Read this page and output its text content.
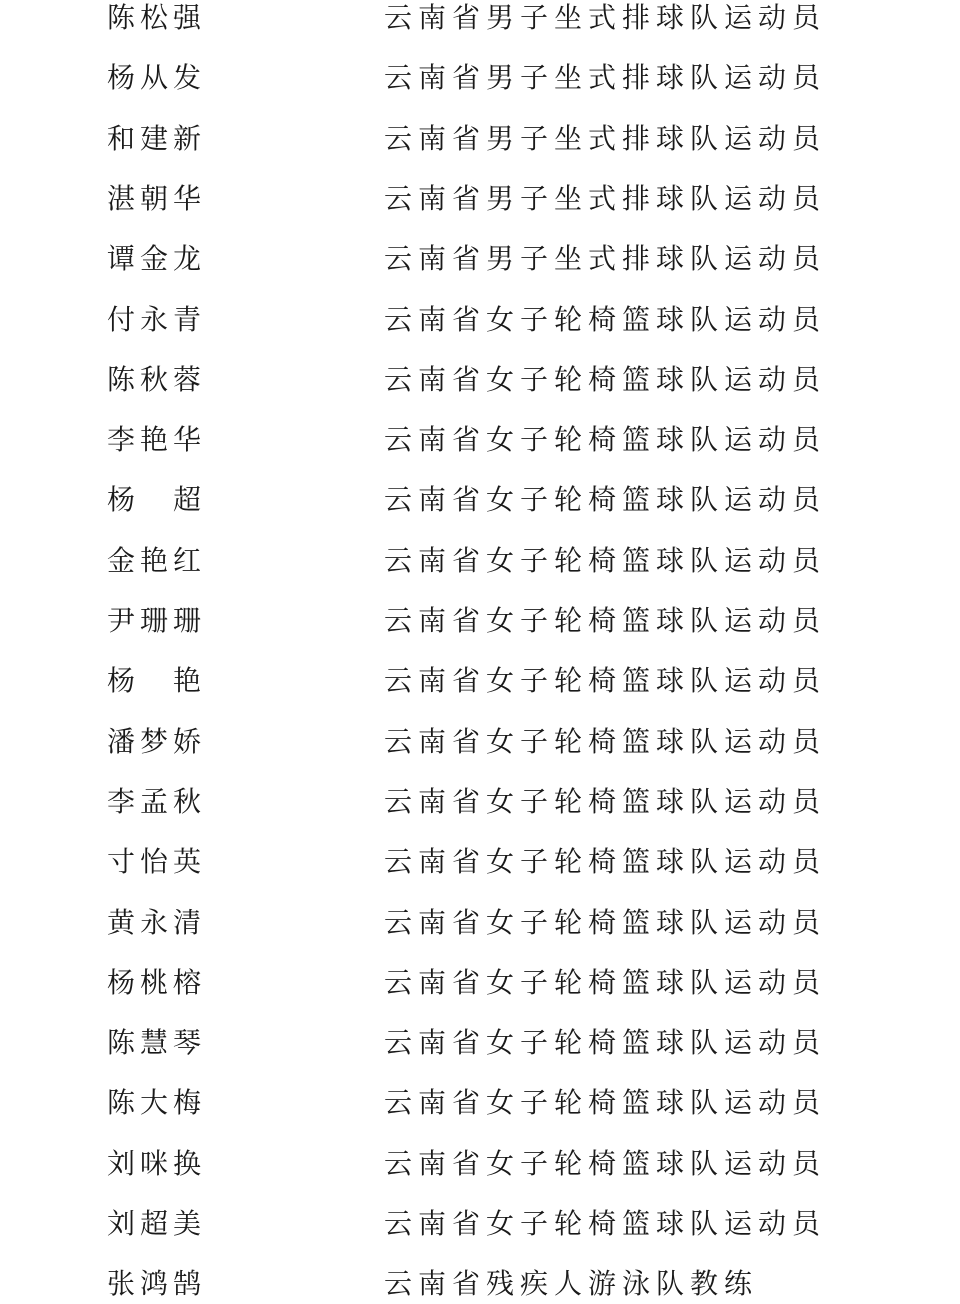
陈松强	云南省男子坐式排球队运动员
杨从发	云南省男子坐式排球队运动员
和建新	云南省男子坐式排球队运动员
湛朝华	云南省男子坐式排球队运动员
谭金龙	云南省男子坐式排球队运动员
付永青	云南省女子轮椅篮球队运动员
陈秋蓉	云南省女子轮椅篮球队运动员
李艳华	云南省女子轮椅篮球队运动员
杨　超	云南省女子轮椅篮球队运动员
金艳红	云南省女子轮椅篮球队运动员
尹珊珊	云南省女子轮椅篮球队运动员
杨　艳	云南省女子轮椅篮球队运动员
潘梦娇	云南省女子轮椅篮球队运动员
李孟秋	云南省女子轮椅篮球队运动员
寸怡英	云南省女子轮椅篮球队运动员
黄永清	云南省女子轮椅篮球队运动员
杨桃榕	云南省女子轮椅篮球队运动员
陈慧琴	云南省女子轮椅篮球队运动员
陈大梅	云南省女子轮椅篮球队运动员
刘咪换	云南省女子轮椅篮球队运动员
刘超美	云南省女子轮椅篮球队运动员
张鸿鹄	云南省残疾人游泳队教练
